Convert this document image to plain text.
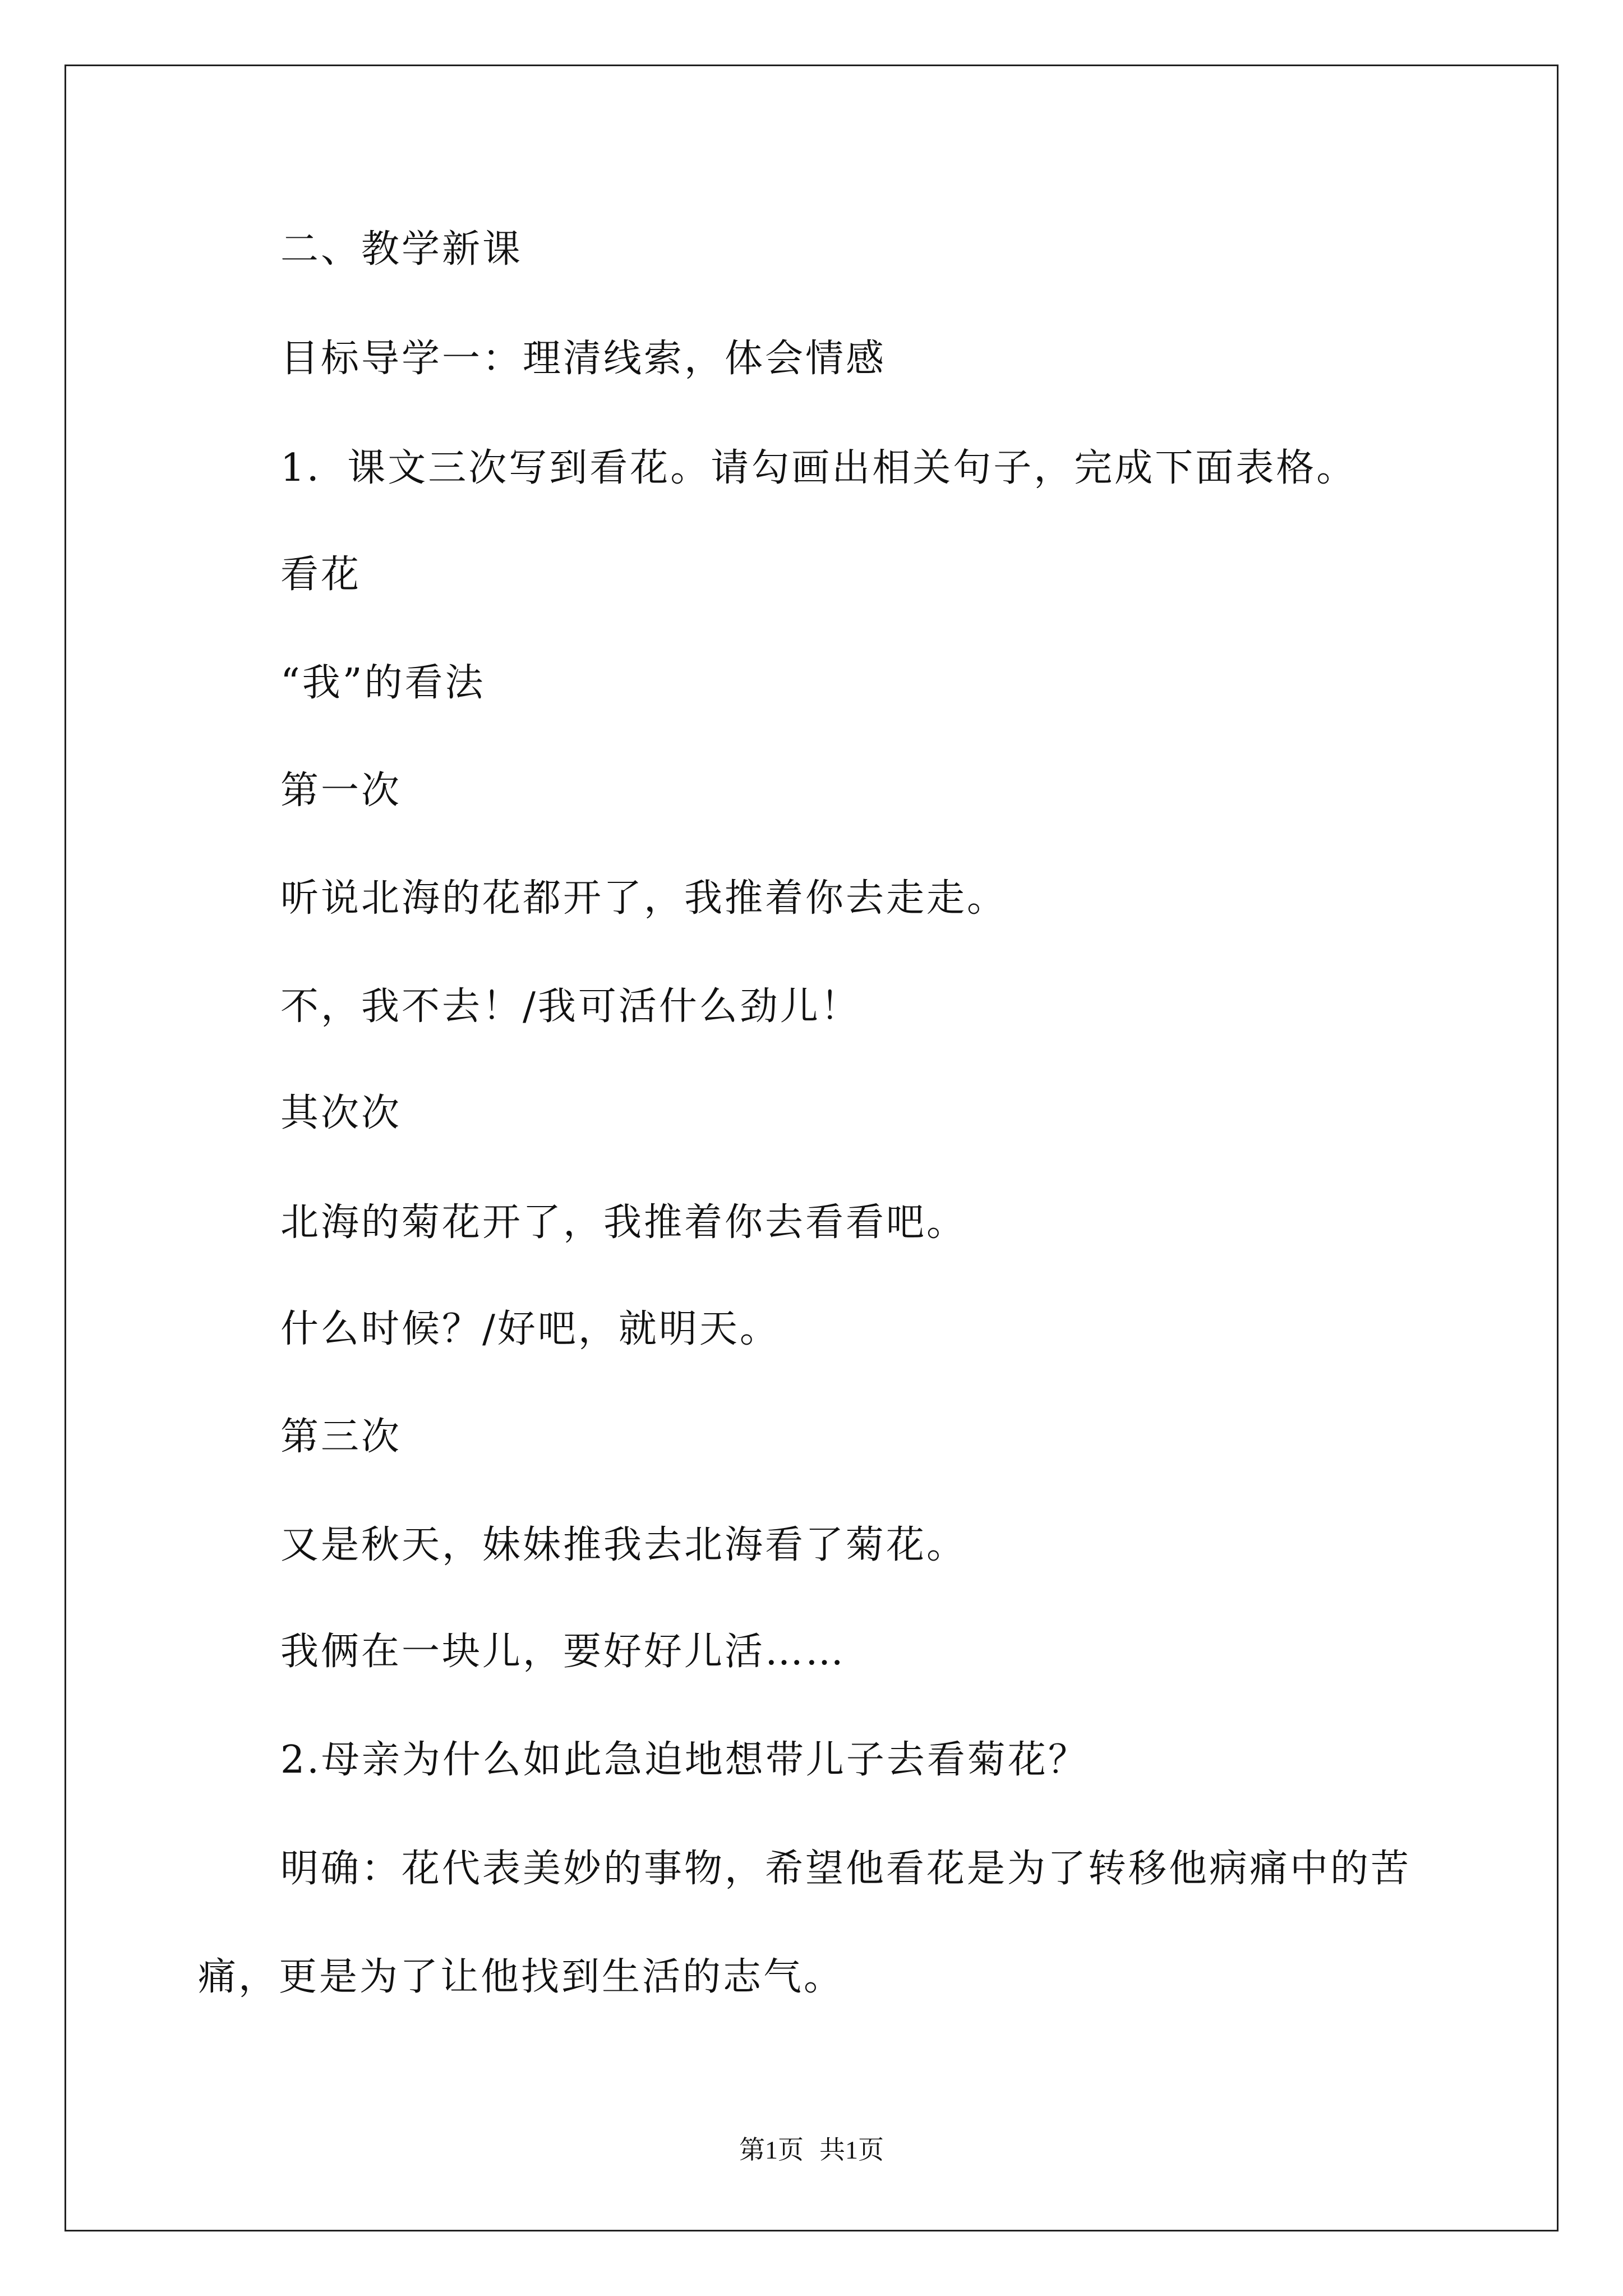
二、教学新课
目标导学一：理清线索，体会情感
1．课文三次写到看花。请勾画出相关句子，完成下面表格。
看花
“我”的看法
第一次
听说北海的花都开了，我推着你去走走。
不，我不去！/我可活什么劲儿！
其次次
北海的菊花开了，我推着你去看看吧。
什么时候？/好吧，就明天。
第三次
又是秋天，妹妹推我去北海看了菊花。
我俩在一块儿，要好好儿活……
2.母亲为什么如此急迫地想带儿子去看菊花？
明确：花代表美妙的事物，希望他看花是为了转移他病痛中的苦
痛，更是为了让他找到生活的志气。
第1页 共1页
